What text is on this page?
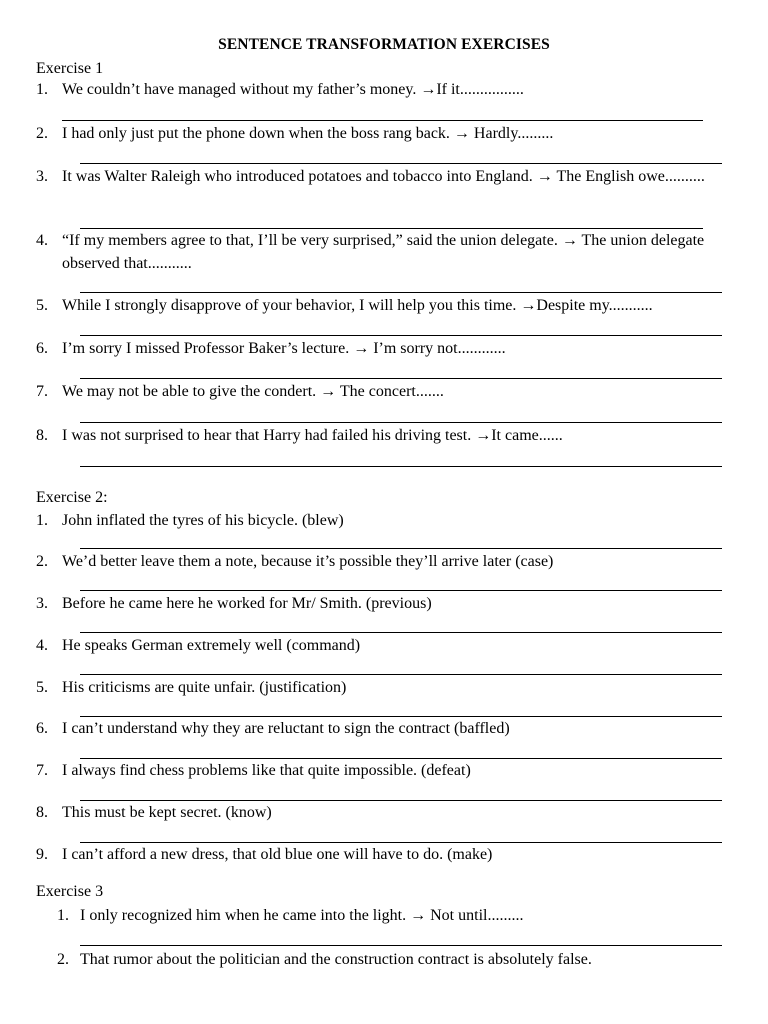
SENTENCE TRANSFORMATION EXERCISES
Exercise 1
1. We couldn’t have managed without my father’s money. →If it................
2. I had only just put the phone down when the boss rang back. → Hardly.........
3. It was Walter Raleigh who introduced potatoes and tobacco into England. → The English owe..........
4. “If my members agree to that, I’ll be very surprised,” said the union delegate. → The union delegate observed that...........
5. While I strongly disapprove of your behavior, I will help you this time. →Despite my...........
6. I’m sorry I missed Professor Baker’s lecture. → I’m sorry not............
7. We may not be able to give the condert. → The concert.......
8. I was not surprised to hear that Harry had failed his driving test. →It came......
Exercise 2:
1. John inflated the tyres of his bicycle. (blew)
2. We’d better leave them a note, because it’s possible they’ll arrive later (case)
3. Before he came here he worked for Mr/ Smith. (previous)
4. He speaks German extremely well (command)
5. His criticisms are quite unfair. (justification)
6. I can’t understand why they are reluctant to sign the contract (baffled)
7. I always find chess problems like that quite impossible. (defeat)
8. This must be kept secret. (know)
9. I can’t afford a new dress, that old blue one will have to do. (make)
Exercise 3
1. I only recognized him when he came into the light. → Not until.........
2. That rumor about the politician and the construction contract is absolutely false.
